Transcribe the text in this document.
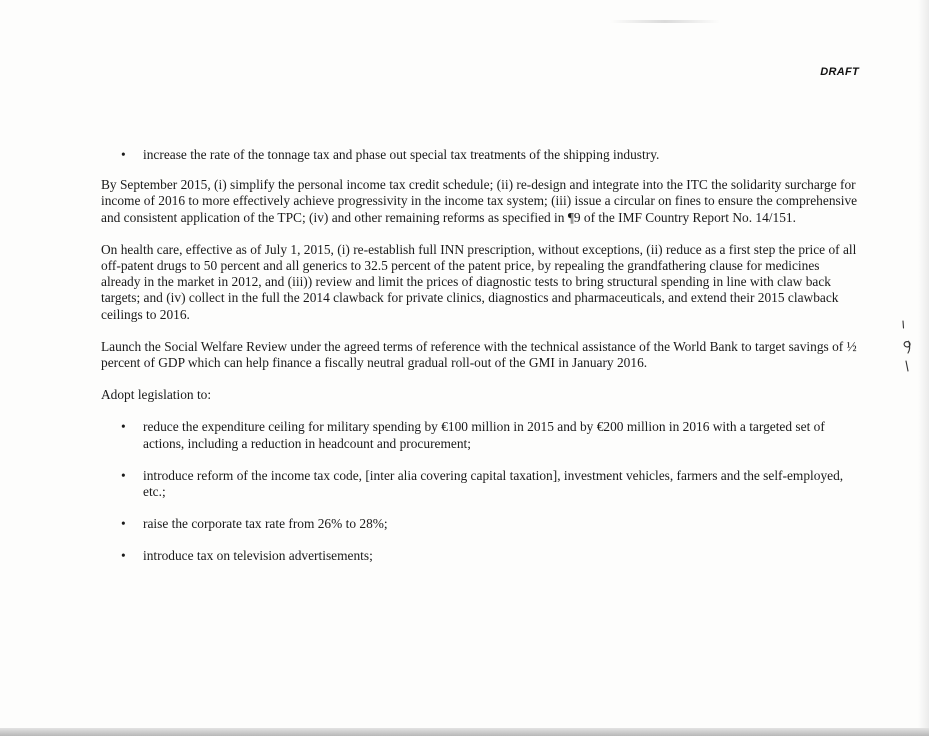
DRAFT
• increase the rate of the tonnage tax and phase out special tax treatments of the shipping industry.

By September 2015, (i) simplify the personal income tax credit schedule; (ii) re-design and integrate into the ITC the solidarity surcharge for income of 2016 to more effectively achieve progressivity in the income tax system; (iii) issue a circular on fines to ensure the comprehensive and consistent application of the TPC; (iv) and other remaining reforms as specified in ¶9 of the IMF Country Report No. 14/151.

On health care, effective as of July 1, 2015, (i) re-establish full INN prescription, without exceptions, (ii) reduce as a first step the price of all off-patent drugs to 50 percent and all generics to 32.5 percent of the patent price, by repealing the grandfathering clause for medicines already in the market in 2012, and (iii)) review and limit the prices of diagnostic tests to bring structural spending in line with claw back targets; and (iv) collect in the full the 2014 clawback for private clinics, diagnostics and pharmaceuticals, and extend their 2015 clawback ceilings to 2016.

Launch the Social Welfare Review under the agreed terms of reference with the technical assistance of the World Bank to target savings of ½ percent of GDP which can help finance a fiscally neutral gradual roll-out of the GMI in January 2016.

Adopt legislation to:

• reduce the expenditure ceiling for military spending by €100 million in 2015 and by €200 million in 2016 with a targeted set of actions, including a reduction in headcount and procurement;
• introduce reform of the income tax code, [inter alia covering capital taxation], investment vehicles, farmers and the self-employed, etc.;
• raise the corporate tax rate from 26% to 28%;
• introduce tax on television advertisements;
